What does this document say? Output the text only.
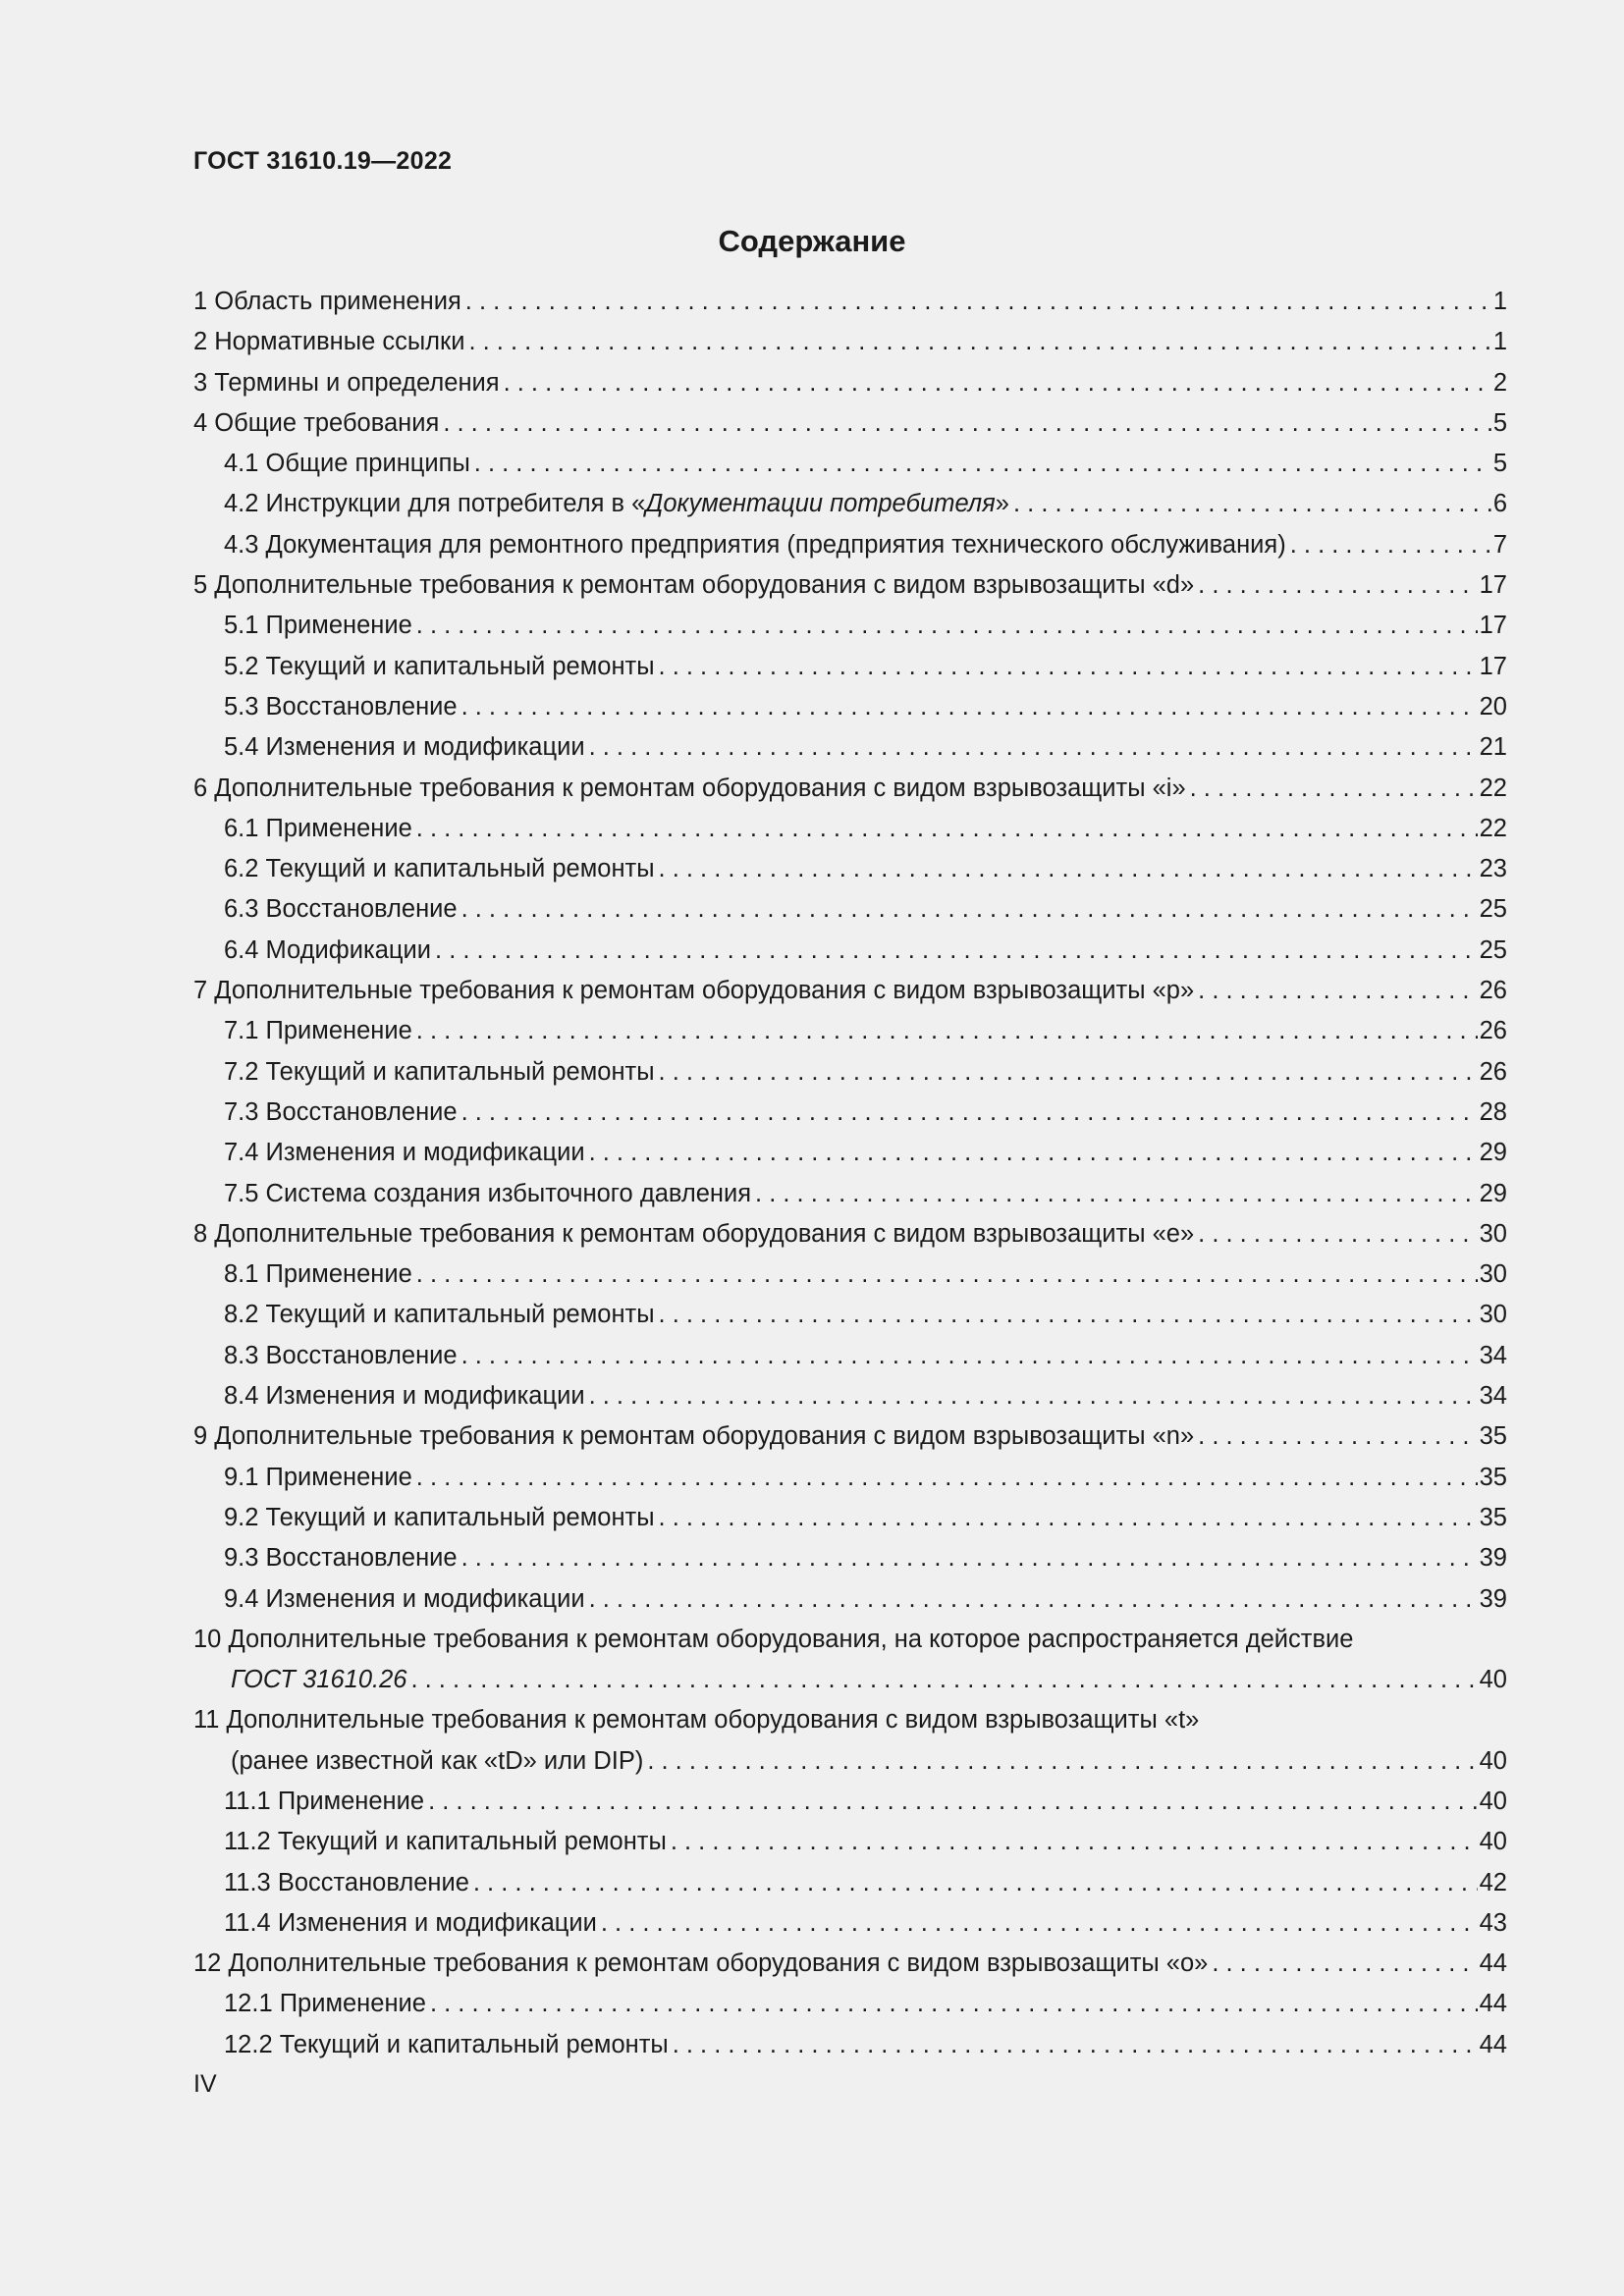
ГОСТ 31610.19—2022
Содержание
1 Область применения . . .	1
2 Нормативные ссылки . . .	1
3 Термины и определения . . .	2
4 Общие требования . . .	5
4.1 Общие принципы . . .	5
4.2 Инструкции для потребителя в «Документации потребителя» . . .	6
4.3 Документация для ремонтного предприятия (предприятия технического обслуживания) . . .	7
5 Дополнительные требования к ремонтам оборудования с видом взрывозащиты «d» . . .	17
5.1 Применение . . .	17
5.2 Текущий и капитальный ремонты . . .	17
5.3 Восстановление . . .	20
5.4 Изменения и модификации . . .	21
6 Дополнительные требования к ремонтам оборудования с видом взрывозащиты «i» . . .	22
6.1 Применение . . .	22
6.2 Текущий и капитальный ремонты . . .	23
6.3 Восстановление . . .	25
6.4 Модификации . . .	25
7 Дополнительные требования к ремонтам оборудования с видом взрывозащиты «p» . . .	26
7.1 Применение . . .	26
7.2 Текущий и капитальный ремонты . . .	26
7.3 Восстановление . . .	28
7.4 Изменения и модификации . . .	29
7.5 Система создания избыточного давления . . .	29
8 Дополнительные требования к ремонтам оборудования с видом взрывозащиты «e» . . .	30
8.1 Применение . . .	30
8.2 Текущий и капитальный ремонты . . .	30
8.3 Восстановление . . .	34
8.4 Изменения и модификации . . .	34
9 Дополнительные требования к ремонтам оборудования с видом взрывозащиты «n» . . .	35
9.1 Применение . . .	35
9.2 Текущий и капитальный ремонты . . .	35
9.3 Восстановление . . .	39
9.4 Изменения и модификации . . .	39
10 Дополнительные требования к ремонтам оборудования, на которое распространяется действие
ГОСТ 31610.26 . . .	40
11 Дополнительные требования к ремонтам оборудования с видом взрывозащиты «t»
(ранее известной как «tD» или DIP) . . .	40
11.1 Применение . . .	40
11.2 Текущий и капитальный ремонты . . .	40
11.3 Восстановление . . .	42
11.4 Изменения и модификации . . .	43
12 Дополнительные требования к ремонтам оборудования с видом взрывозащиты «o» . . .	44
12.1 Применение . . .	44
12.2 Текущий и капитальный ремонты . . .	44
IV
